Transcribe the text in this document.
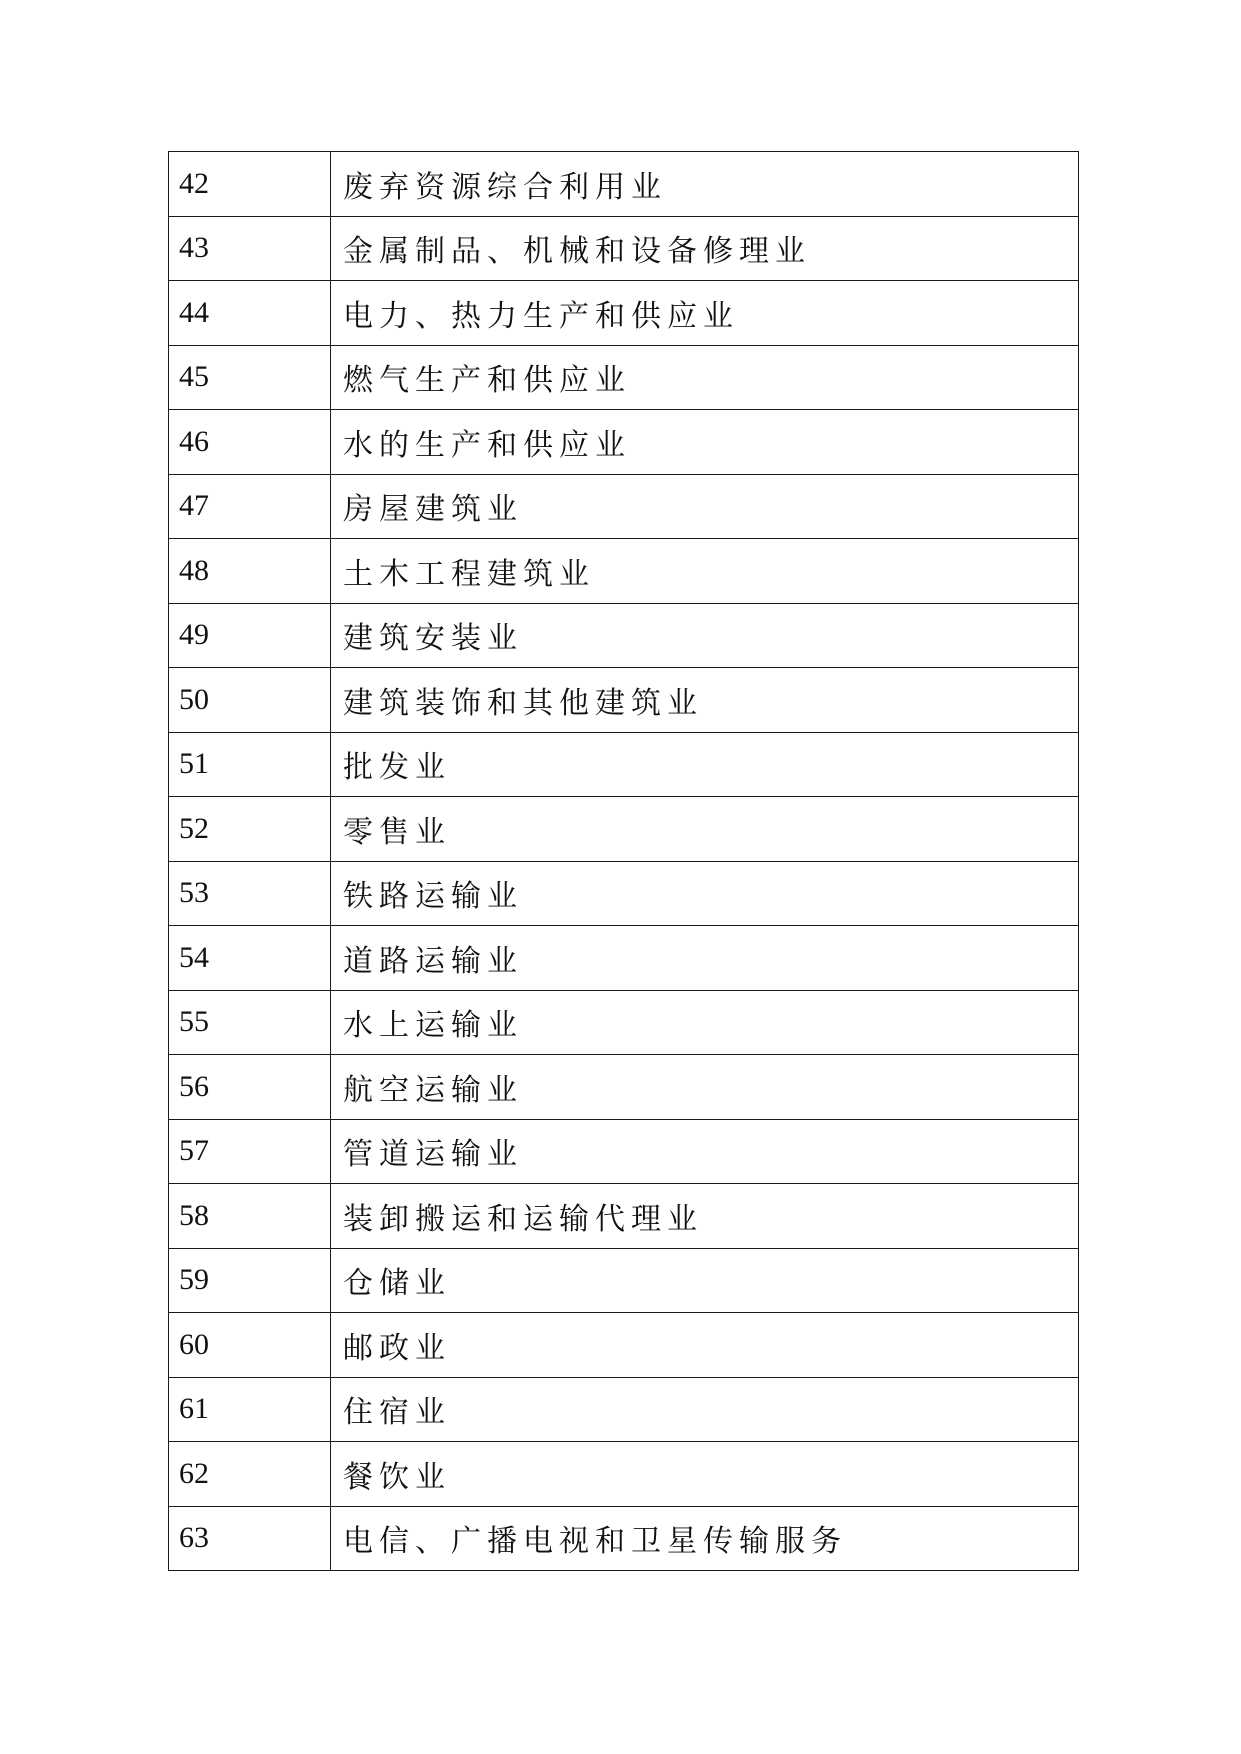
42	废弃资源综合利用业
43	金属制品、机械和设备修理业
44	电力、热力生产和供应业
45	燃气生产和供应业
46	水的生产和供应业
47	房屋建筑业
48	土木工程建筑业
49	建筑安装业
50	建筑装饰和其他建筑业
51	批发业
52	零售业
53	铁路运输业
54	道路运输业
55	水上运输业
56	航空运输业
57	管道运输业
58	装卸搬运和运输代理业
59	仓储业
60	邮政业
61	住宿业
62	餐饮业
63	电信、广播电视和卫星传输服务
